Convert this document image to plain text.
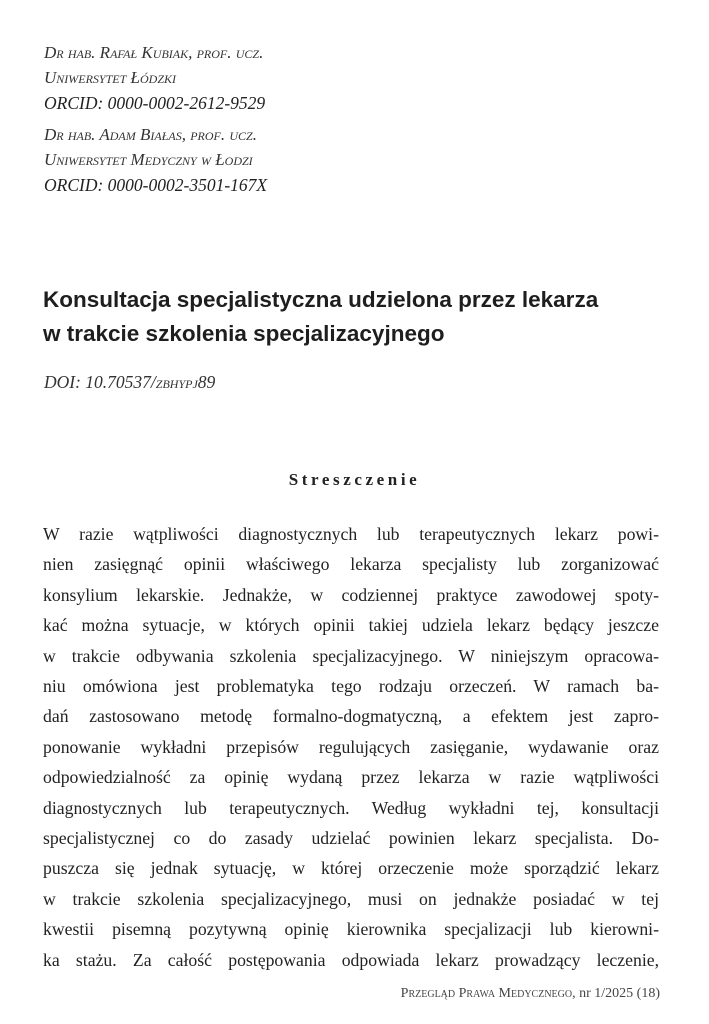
Dr hab. Rafał Kubiak, prof. ucz.
Uniwersytet Łódzki
ORCID: 0000-0002-2612-9529
Dr hab. Adam Białas, prof. ucz.
Uniwersytet Medyczny w Łodzi
ORCID: 0000-0002-3501-167X
Konsultacja specjalistyczna udzielona przez lekarza
w trakcie szkolenia specjalizacyjnego
DOI: 10.70537/zbhypj89
Streszczenie
W razie wątpliwości diagnostycznych lub terapeutycznych lekarz powi-
nien zasięgnąć opinii właściwego lekarza specjalisty lub zorganizować
konsylium lekarskie. Jednakże, w codziennej praktyce zawodowej spoty-
kać można sytuacje, w których opinii takiej udziela lekarz będący jeszcze
w trakcie odbywania szkolenia specjalizacyjnego. W niniejszym opracowa-
niu omówiona jest problematyka tego rodzaju orzeczeń. W ramach ba-
dań zastosowano metodę formalno-dogmatyczną, a efektem jest zapro-
ponowanie wykładni przepisów regulujących zasięganie, wydawanie oraz
odpowiedzialność za opinię wydaną przez lekarza w razie wątpliwości
diagnostycznych lub terapeutycznych. Według wykładni tej, konsultacji
specjalistycznej co do zasady udzielać powinien lekarz specjalista. Do-
puszcza się jednak sytuację, w której orzeczenie może sporządzić lekarz
w trakcie szkolenia specjalizacyjnego, musi on jednakże posiadać w tej
kwestii pisemną pozytywną opinię kierownika specjalizacji lub kierowni-
ka stażu. Za całość postępowania odpowiada lekarz prowadzący leczenie,
Przegląd Prawa Medycznego, nr 1/2025 (18)
